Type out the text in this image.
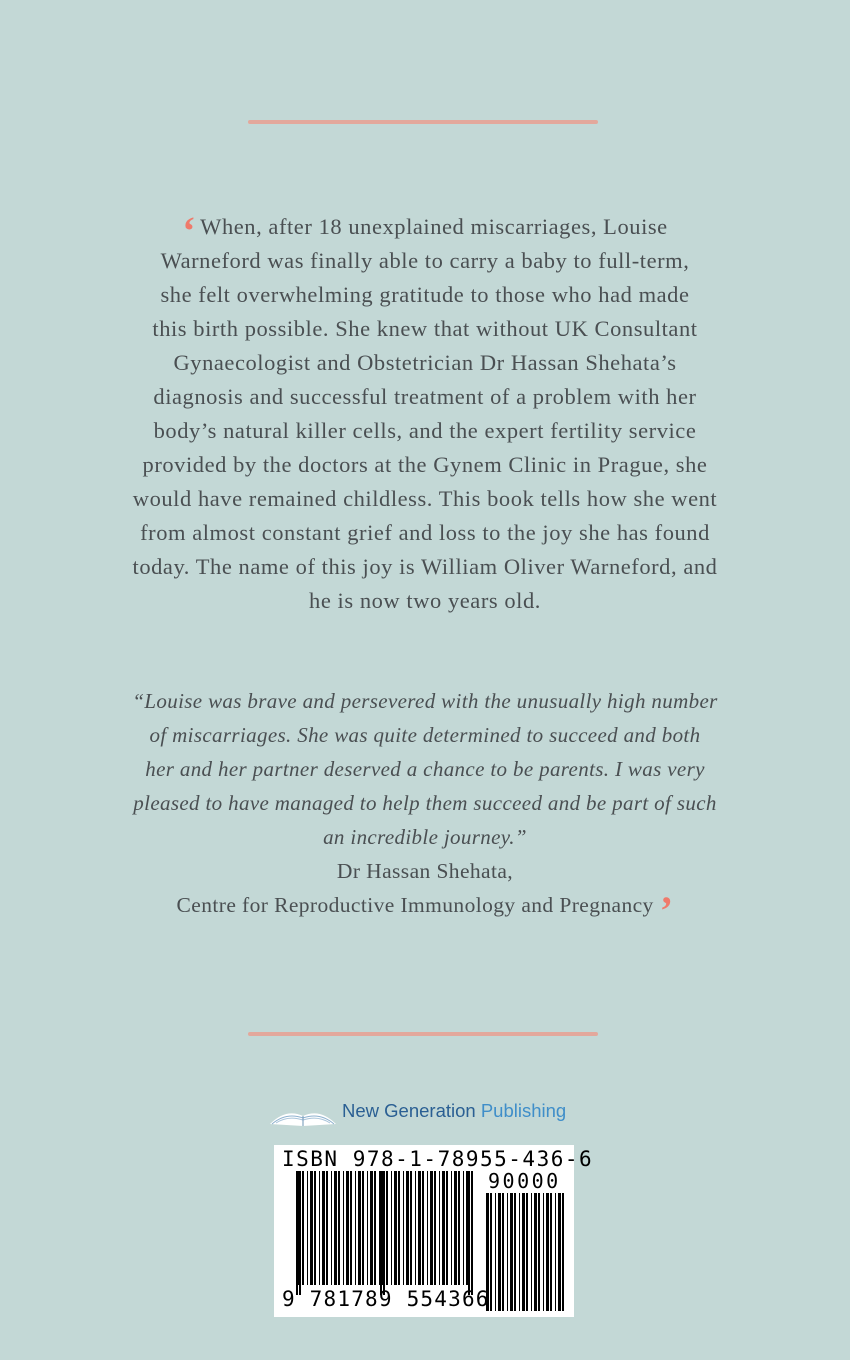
‘ When, after 18 unexplained miscarriages, Louise
Warneford was finally able to carry a baby to full-term,
she felt overwhelming gratitude to those who had made
this birth possible. She knew that without UK Consultant
Gynaecologist and Obstetrician Dr Hassan Shehata’s
diagnosis and successful treatment of a problem with her
body’s natural killer cells, and the expert fertility service
provided by the doctors at the Gynem Clinic in Prague, she
would have remained childless. This book tells how she went
from almost constant grief and loss to the joy she has found
today. The name of this joy is William Oliver Warneford, and
he is now two years old.
“Louise was brave and persevered with the unusually high number
of miscarriages. She was quite determined to succeed and both
her and her partner deserved a chance to be parents. I was very
pleased to have managed to help them succeed and be part of such
an incredible journey.”
Dr Hassan Shehata,
Centre for Reproductive Immunology and Pregnancy ’
New Generation Publishing
ISBN 978-1-78955-436-6
90000
9 781789 554366
